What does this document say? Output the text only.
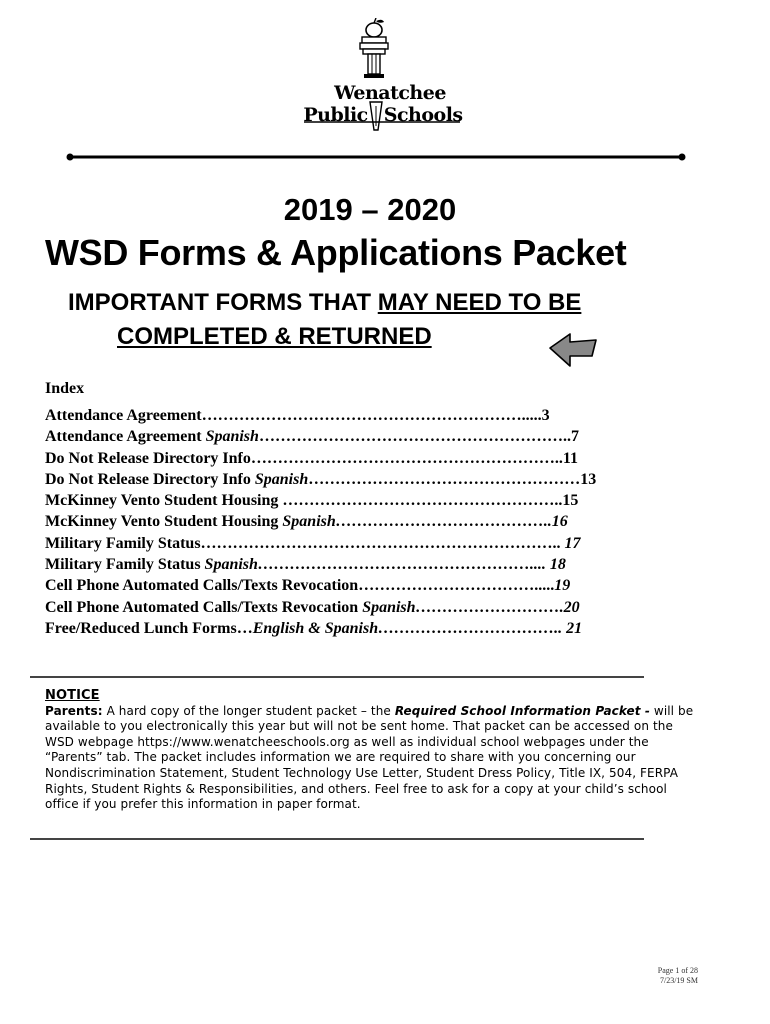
Wenatchee
Public Schools
2019 – 2020
WSD Forms & Applications Packet
IMPORTANT FORMS THAT MAY NEED TO BE
COMPLETED & RETURNED
Index
Attendance Agreement…………………………………………………….....3
Attendance Agreement Spanish…………………………………………………..7
Do Not Release Directory Info…………………………………………………..11
Do Not Release Directory Info Spanish……………………………………………13
McKinney Vento Student Housing ……………………………………………..15
McKinney Vento Student Housing Spanish…………………………………..16
Military Family Status………………………………………………………….. 17
Military Family Status Spanish…………………………………………….... 18
Cell Phone Automated Calls/Texts Revocation…………………………….....19
Cell Phone Automated Calls/Texts Revocation Spanish……………………….20
Free/Reduced Lunch Forms…English & Spanish…………………………….. 21
NOTICE
Parents: A hard copy of the longer student packet – the Required School Information Packet - will be available to you electronically this year but will not be sent home. That packet can be accessed on the WSD webpage https://www.wenatcheeschools.org as well as individual school webpages under the “Parents” tab. The packet includes information we are required to share with you concerning our Nondiscrimination Statement, Student Technology Use Letter, Student Dress Policy, Title IX, 504, FERPA Rights, Student Rights & Responsibilities, and others. Feel free to ask for a copy at your child’s school office if you prefer this information in paper format.
Page 1 of 28
7/23/19 SM
